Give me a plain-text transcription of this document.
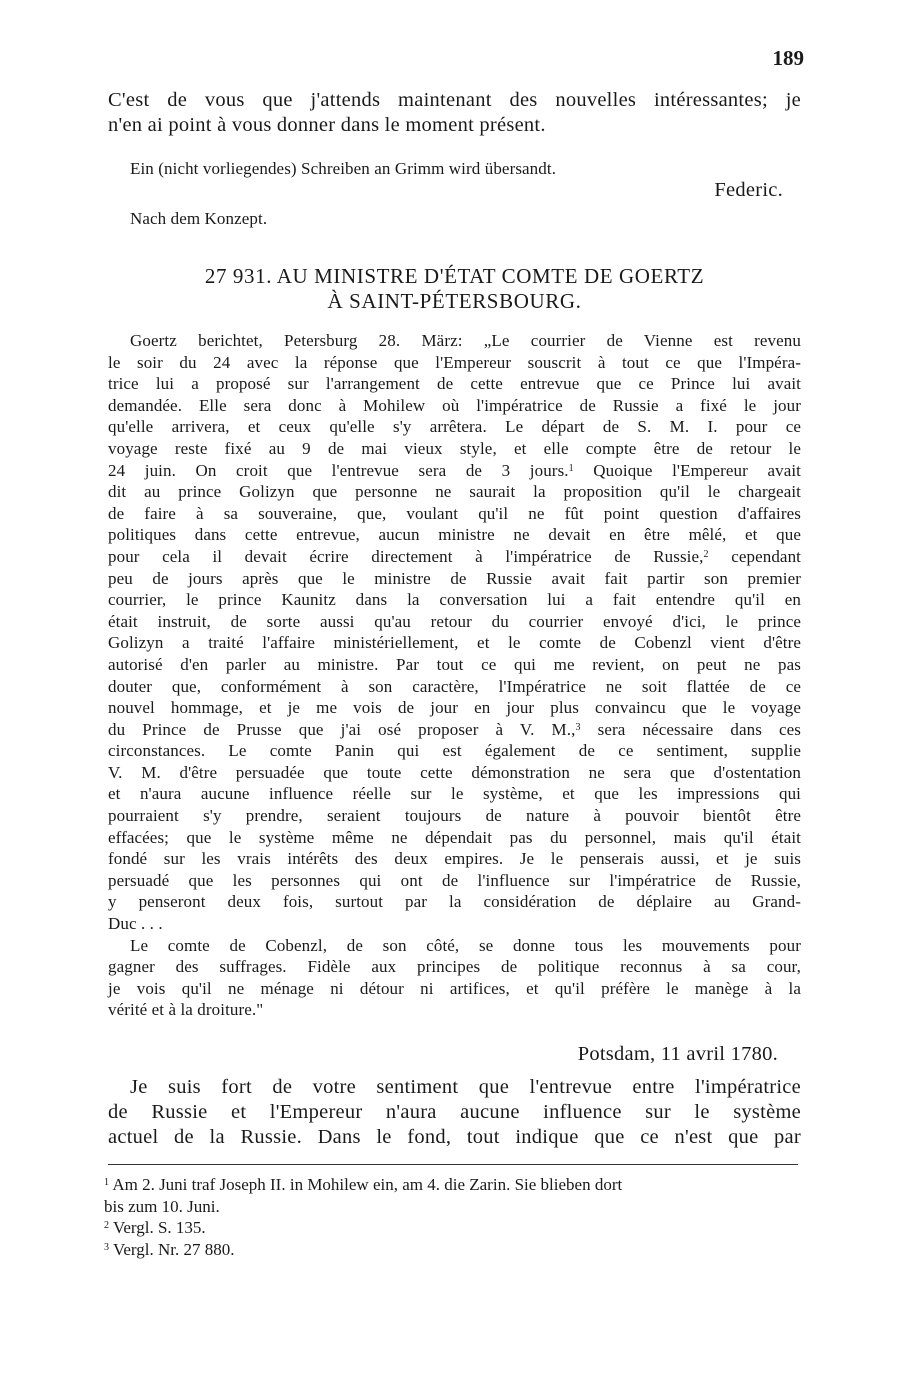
189
C'est de vous que j'attends maintenant des nouvelles intéressantes; je
n'en ai point à vous donner dans le moment présent.
Ein (nicht vorliegendes) Schreiben an Grimm wird übersandt.
Federic.
Nach dem Konzept.
27 931. AU MINISTRE D'ÉTAT COMTE DE GOERTZ
À SAINT-PÉTERSBOURG.
Goertz berichtet, Petersburg 28. März: „Le courrier de Vienne est revenu
le soir du 24 avec la réponse que l'Empereur souscrit à tout ce que l'Impéra-
trice lui a proposé sur l'arrangement de cette entrevue que ce Prince lui avait
demandée. Elle sera donc à Mohilew où l'impératrice de Russie a fixé le jour
qu'elle arrivera, et ceux qu'elle s'y arrêtera. Le départ de S. M. I. pour ce
voyage reste fixé au 9 de mai vieux style, et elle compte être de retour le
24 juin. On croit que l'entrevue sera de 3 jours.$^1$ Quoique l'Empereur avait
dit au prince Golizyn que personne ne saurait la proposition qu'il le chargeait
de faire à sa souveraine, que, voulant qu'il ne fût point question d'affaires
politiques dans cette entrevue, aucun ministre ne devait en être mêlé, et que
pour cela il devait écrire directement à l'impératrice de Russie,$^2$ cependant
peu de jours après que le ministre de Russie avait fait partir son premier
courrier, le prince Kaunitz dans la conversation lui a fait entendre qu'il en
était instruit, de sorte aussi qu'au retour du courrier envoyé d'ici, le prince
Golizyn a traité l'affaire ministériellement, et le comte de Cobenzl vient d'être
autorisé d'en parler au ministre. Par tout ce qui me revient, on peut ne pas
douter que, conformément à son caractère, l'Impératrice ne soit flattée de ce
nouvel hommage, et je me vois de jour en jour plus convaincu que le voyage
du Prince de Prusse que j'ai osé proposer à V. M.,$^3$ sera nécessaire dans ces
circonstances. Le comte Panin qui est également de ce sentiment, supplie
V. M. d'être persuadée que toute cette démonstration ne sera que d'ostentation
et n'aura aucune influence réelle sur le système, et que les impressions qui
pourraient s'y prendre, seraient toujours de nature à pouvoir bientôt être
effacées; que le système même ne dépendait pas du personnel, mais qu'il était
fondé sur les vrais intérêts des deux empires. Je le penserais aussi, et je suis
persuadé que les personnes qui ont de l'influence sur l'impératrice de Russie,
y penseront deux fois, surtout par la considération de déplaire au Grand-
Duc . . .
Le comte de Cobenzl, de son côté, se donne tous les mouvements pour
gagner des suffrages. Fidèle aux principes de politique reconnus à sa cour,
je vois qu'il ne ménage ni détour ni artifices, et qu'il préfère le manège à la
vérité et à la droiture."
Potsdam, 11 avril 1780.
Je suis fort de votre sentiment que l'entrevue entre l'impératrice
de Russie et l'Empereur n'aura aucune influence sur le système
actuel de la Russie. Dans le fond, tout indique que ce n'est que par
$^1$ Am 2. Juni traf Joseph II. in Mohilew ein, am 4. die Zarin. Sie blieben dort
bis zum 10. Juni.
$^2$ Vergl. S. 135.
$^3$ Vergl. Nr. 27 880.
